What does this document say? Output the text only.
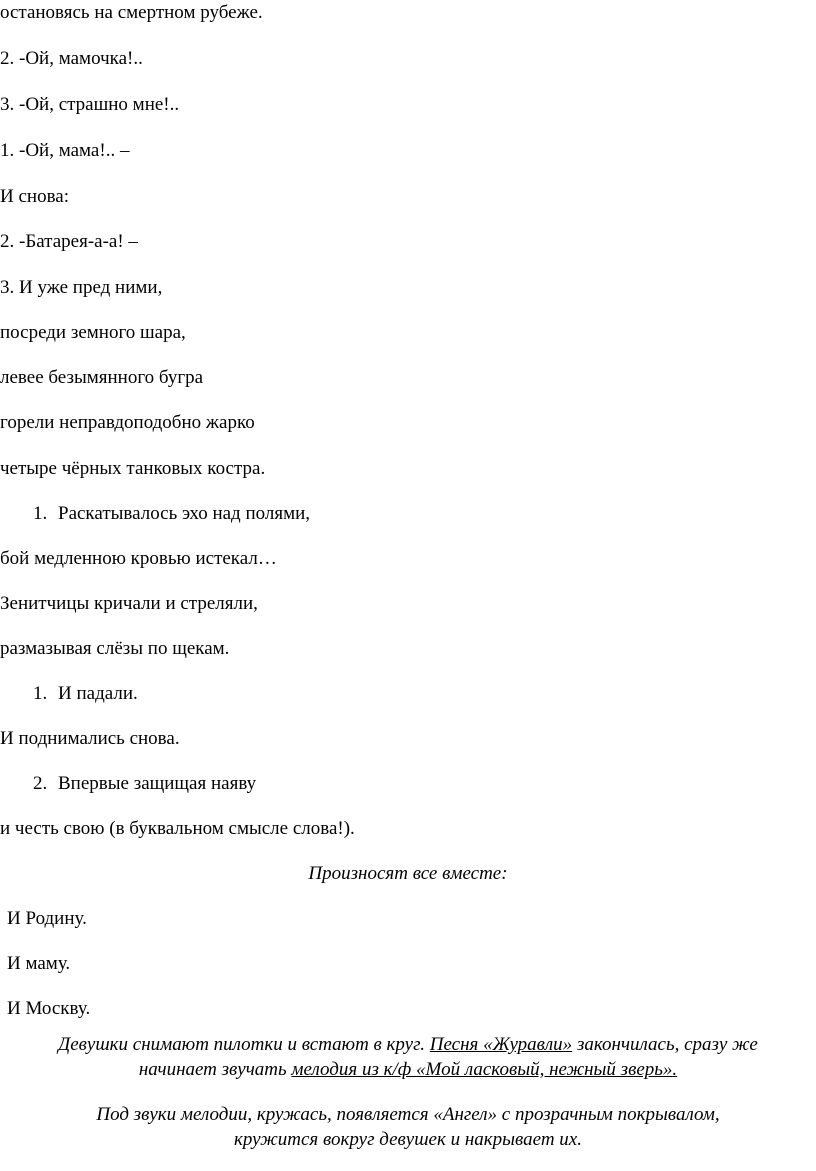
остановясь на смертном рубеже.
2. -Ой, мамочка!..
3. -Ой, страшно мне!..
1. -Ой, мама!.. –
И снова:
2. -Батарея-а-а! –
3. И уже пред ними,
посреди земного шара,
левее безымянного бугра
горели неправдоподобно жарко
четыре чёрных танковых костра.
1. Раскатывалось эхо над полями,
бой медленною кровью истекал…
Зенитчицы кричали и стреляли,
размазывая слёзы по щекам.
1. И падали.
И поднимались снова.
2. Впервые защищая наяву
и честь свою (в буквальном смысле слова!).
Произносят все вместе:
И Родину.
И маму.
И Москву.
Девушки снимают пилотки и встают в круг. Песня «Журавли» закончилась, сразу же
начинает звучать мелодия из к/ф «Мой ласковый, нежный зверь».
Под звуки мелодии, кружась, появляется «Ангел» с прозрачным покрывалом,
кружится вокруг девушек и накрывает их.
